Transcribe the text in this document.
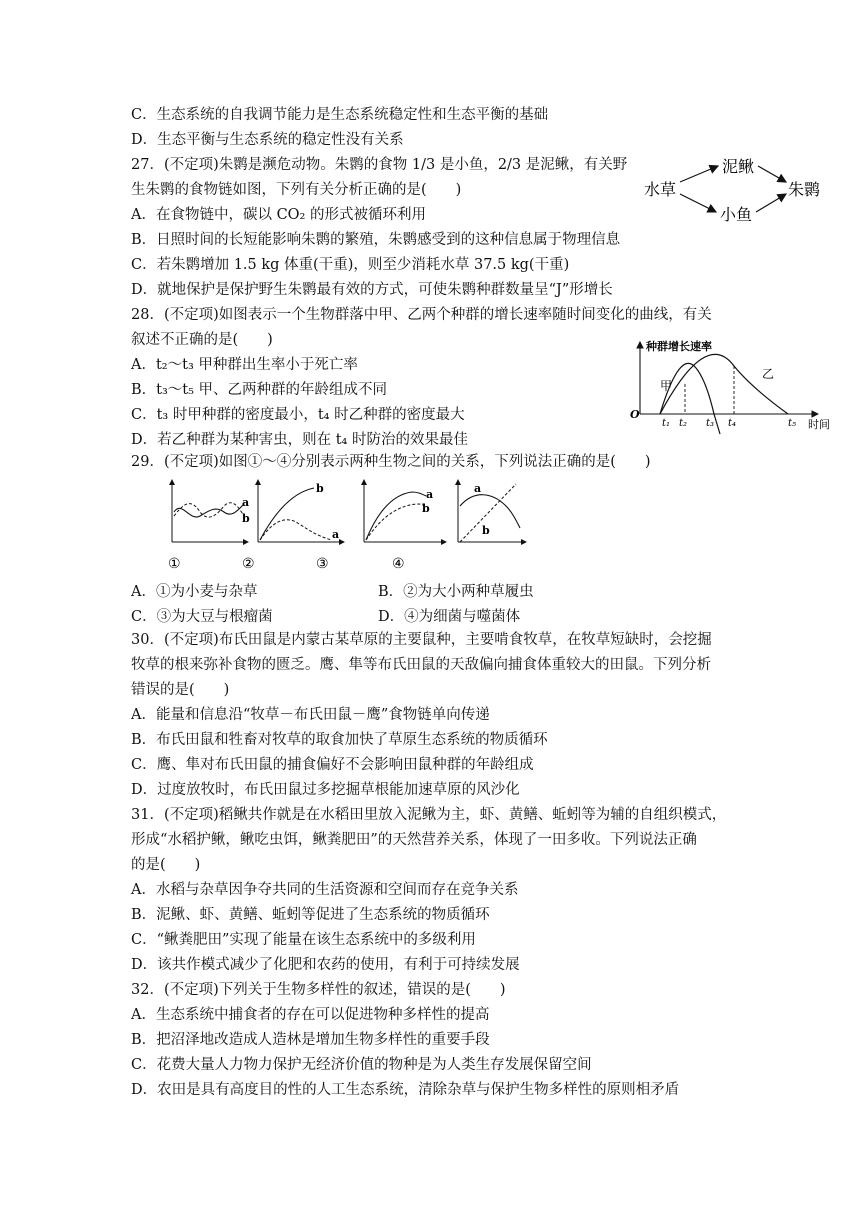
C．生态系统的自我调节能力是生态系统稳定性和生态平衡的基础
D．生态平衡与生态系统的稳定性没有关系
27．(不定项)朱鹮是濒危动物。朱鹮的食物 1/3 是小鱼，2/3 是泥鳅，有关野
生朱鹮的食物链如图，下列有关分析正确的是(　　)
A．在食物链中，碳以 CO₂ 的形式被循环利用
B．日照时间的长短能影响朱鹮的繁殖，朱鹮感受到的这种信息属于物理信息
C．若朱鹮增加 1.5 kg 体重(干重)，则至少消耗水草 37.5 kg(干重)
D．就地保护是保护野生朱鹮最有效的方式，可使朱鹮种群数量呈“J”形增长
水草
泥鳅
小鱼
朱鹮
28．(不定项)如图表示一个生物群落中甲、乙两个种群的增长速率随时间变化的曲线，有关
叙述不正确的是(　　)
A．t₂～t₃ 甲种群出生率小于死亡率
B．t₃～t₅ 甲、乙两种群的年龄组成不同
C．t₃ 时甲种群的密度最小，t₄ 时乙种群的密度最大
D．若乙种群为某种害虫，则在 t₄ 时防治的效果最佳
种群增长速率
时间
O
甲
乙
t₁ t₂ t₃ t₄	t₅
29．(不定项)如图①～④分别表示两种生物之间的关系，下列说法正确的是(　　)
a
b
b
a
a
b
a
b
①	②	③	④
A．①为小麦与杂草	B．②为大小两种草履虫
C．③为大豆与根瘤菌	D．④为细菌与噬菌体
30．(不定项)布氏田鼠是内蒙古某草原的主要鼠种，主要啃食牧草，在牧草短缺时，会挖掘
牧草的根来弥补食物的匮乏。鹰、隼等布氏田鼠的天敌偏向捕食体重较大的田鼠。下列分析
错误的是(　　)
A．能量和信息沿“牧草－布氏田鼠－鹰”食物链单向传递
B．布氏田鼠和牲畜对牧草的取食加快了草原生态系统的物质循环
C．鹰、隼对布氏田鼠的捕食偏好不会影响田鼠种群的年龄组成
D．过度放牧时，布氏田鼠过多挖掘草根能加速草原的风沙化
31．(不定项)稻鳅共作就是在水稻田里放入泥鳅为主，虾、黄鳝、蚯蚓等为辅的自组织模式，
形成“水稻护鳅，鳅吃虫饵，鳅粪肥田”的天然营养关系，体现了一田多收。下列说法正确
的是(　　)
A．水稻与杂草因争夺共同的生活资源和空间而存在竞争关系
B．泥鳅、虾、黄鳝、蚯蚓等促进了生态系统的物质循环
C．“鳅粪肥田”实现了能量在该生态系统中的多级利用
D．该共作模式减少了化肥和农药的使用，有利于可持续发展
32．(不定项)下列关于生物多样性的叙述，错误的是(　　)
A．生态系统中捕食者的存在可以促进物种多样性的提高
B．把沼泽地改造成人造林是增加生物多样性的重要手段
C．花费大量人力物力保护无经济价值的物种是为人类生存发展保留空间
D．农田是具有高度目的性的人工生态系统，清除杂草与保护生物多样性的原则相矛盾
